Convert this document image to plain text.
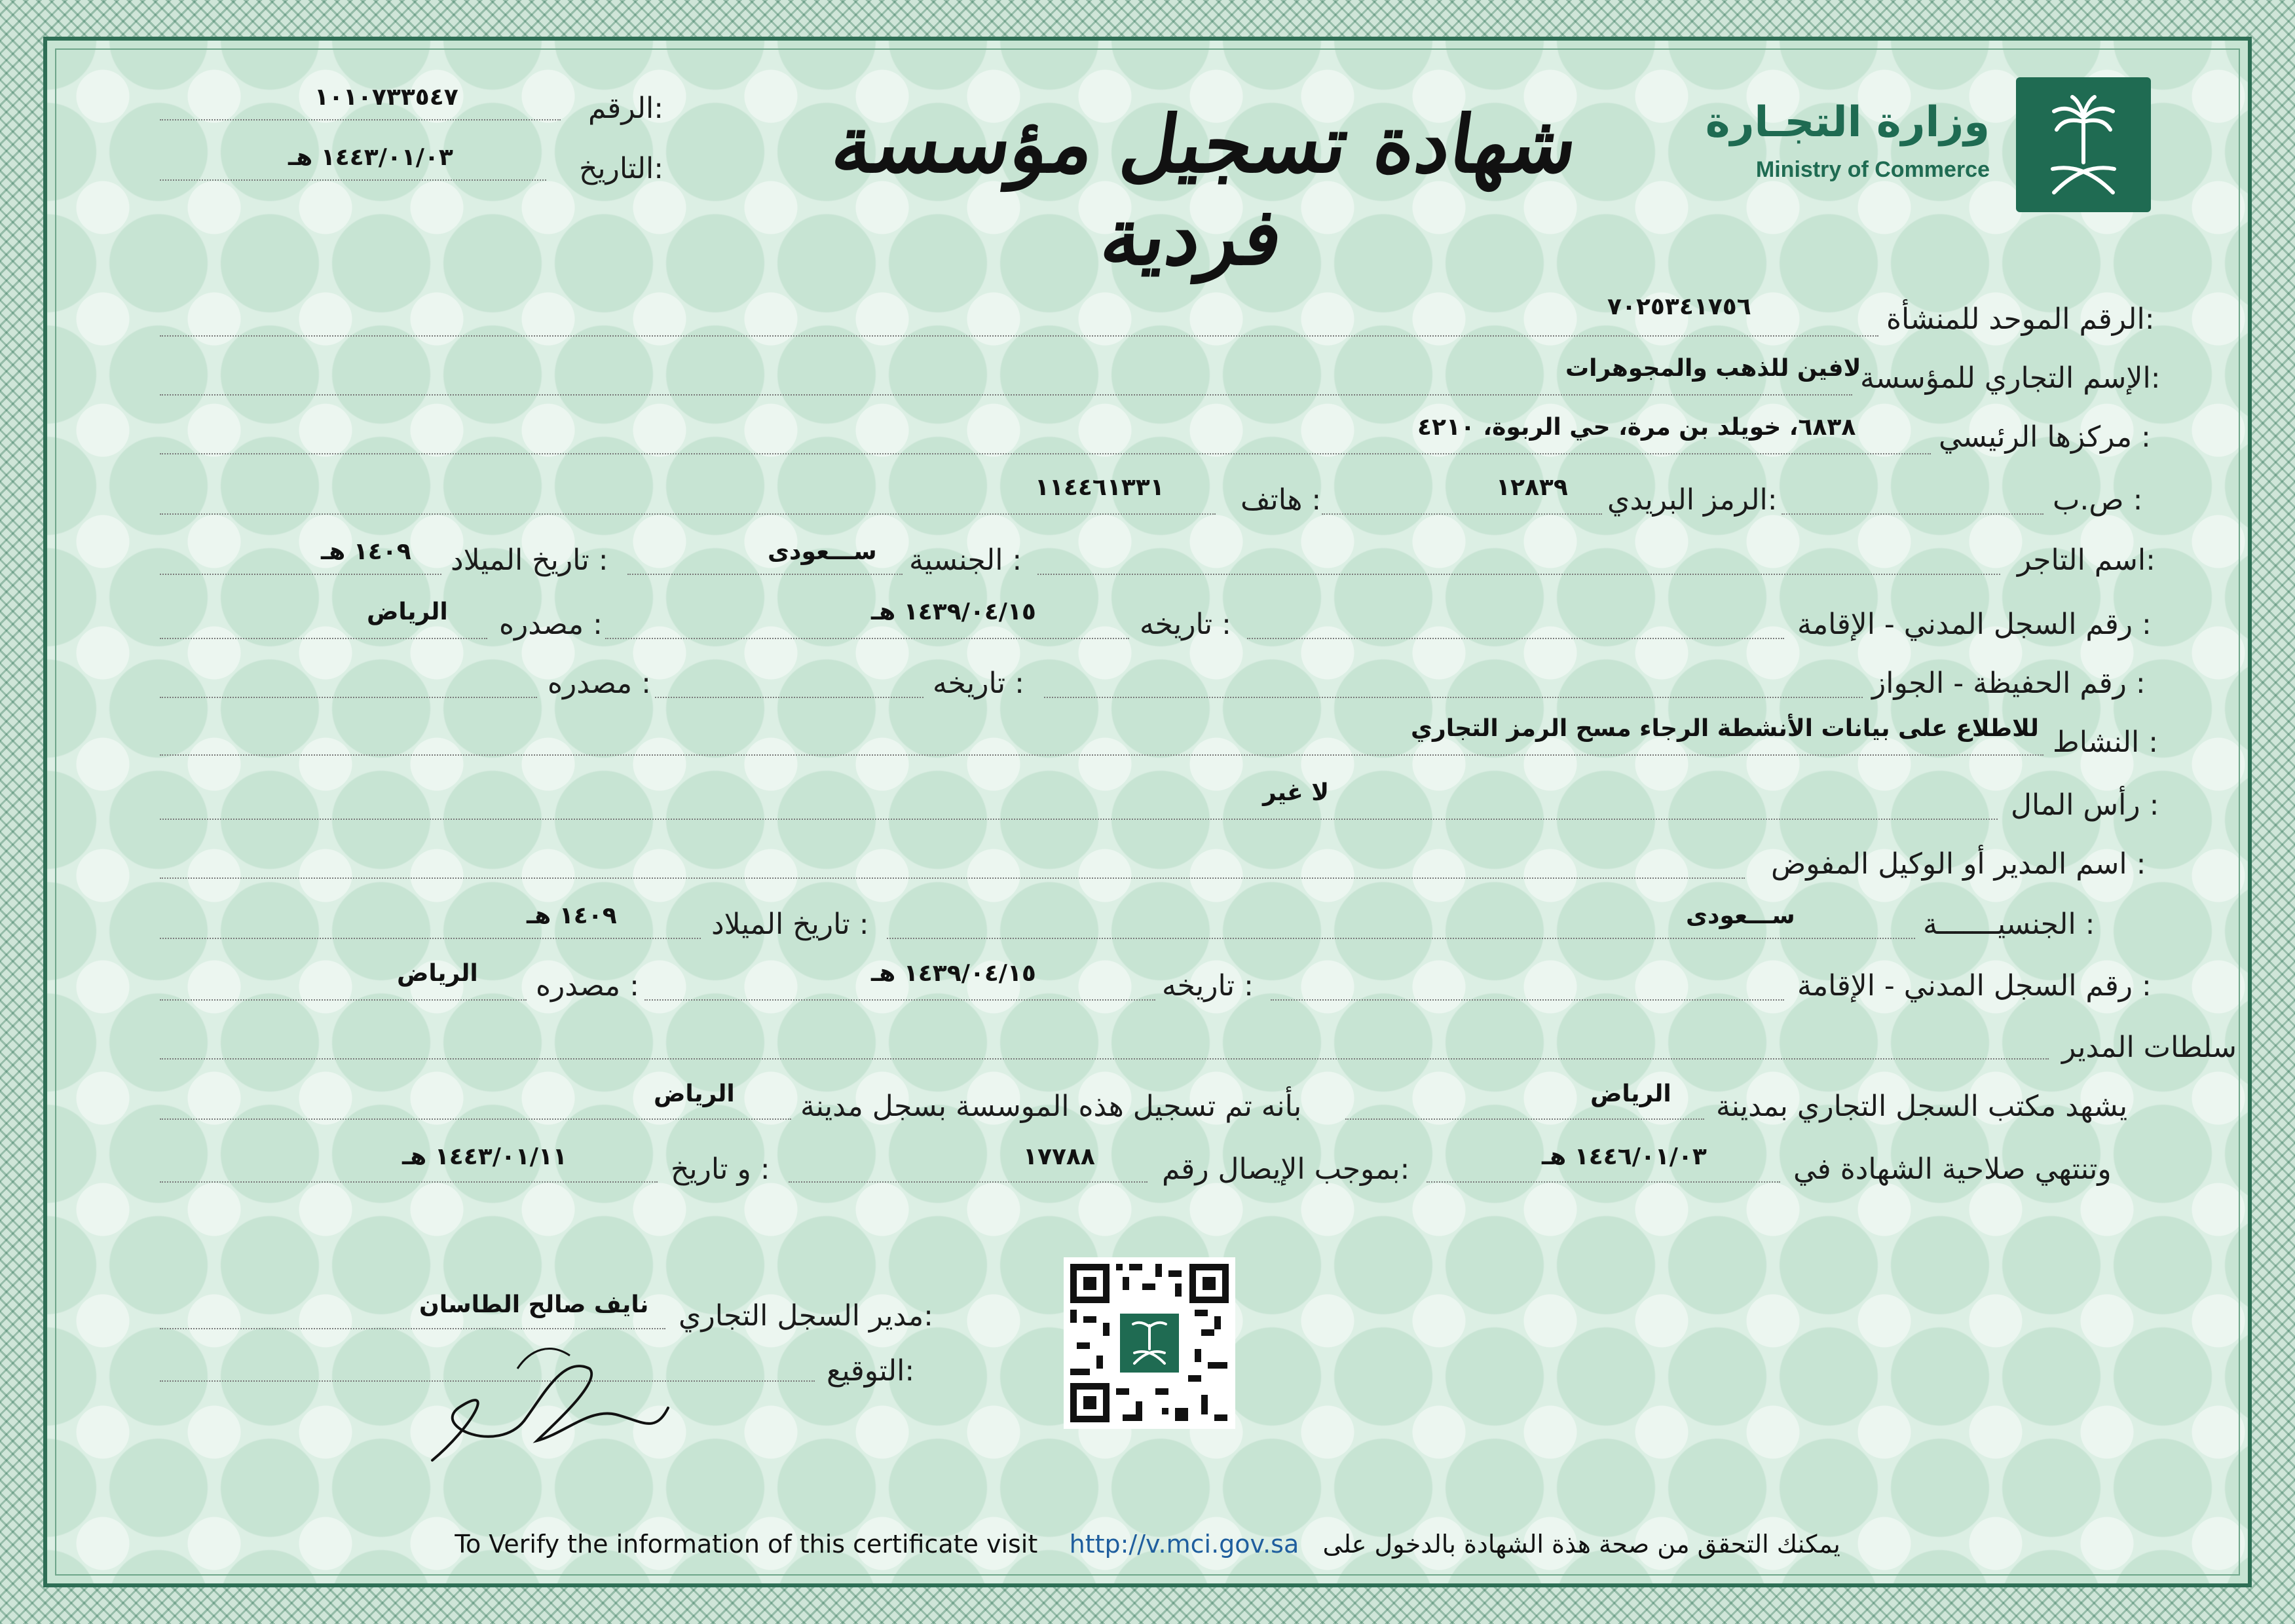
الرقم:
١٠١٠٧٣٣٥٤٧
التاريخ:
١٤٤٣/٠١/٠٣ هـ	شهادة تسجيل مؤسسة فردية
وزارة التجـارة
Ministry of Commerce
الرقم الموحد للمنشأة:
٧٠٢٥٣٤١٧٥٦
الإسم التجاري للمؤسسة:
لافين للذهب والمجوهرات
مركزها الرئيسي :
٦٨٣٨، خويلد بن مرة، حي الربوة، ٤٢١٠
ص.ب :
الرمز البريدي:
١٢٨٣٩
هاتف :
١١٤٤٦١٣٣١
اسم التاجر:
الجنسية :
ســـعودى
تاريخ الميلاد :
١٤٠٩ هـ
رقم السجل المدني - الإقامة :
تاريخه :
١٤٣٩/٠٤/١٥ هـ
مصدره :
الرياض
رقم الحفيظة - الجواز :
تاريخه :
مصدره :
النشاط :
للاطلاع على بيانات الأنشطة الرجاء مسح الرمز التجاري
رأس المال :
لا غير
اسم المدير أو الوكيل المفوض :
الجنسيـــــــة :
ســـعودى
تاريخ الميلاد :
١٤٠٩ هـ
رقم السجل المدني - الإقامة :
تاريخه :
١٤٣٩/٠٤/١٥ هـ
مصدره :
الرياض
سلطات المدير
يشهد مكتب السجل التجاري بمدينة
الرياض
بأنه تم تسجيل هذه الموسسة بسجل مدينة
الرياض
وتنتهي صلاحية الشهادة في
١٤٤٦/٠١/٠٣ هـ
بموجب الإيصال رقم:
١٧٧٨٨
و تاريخ :
١٤٤٣/٠١/١١ هـ
مدير السجل التجاري:
نايف صالح الطاسان
التوقيع:
To Verify the information of this certificate visit http://v.mci.gov.sa يمكنك التحقق من صحة هذة الشهادة بالدخول على
